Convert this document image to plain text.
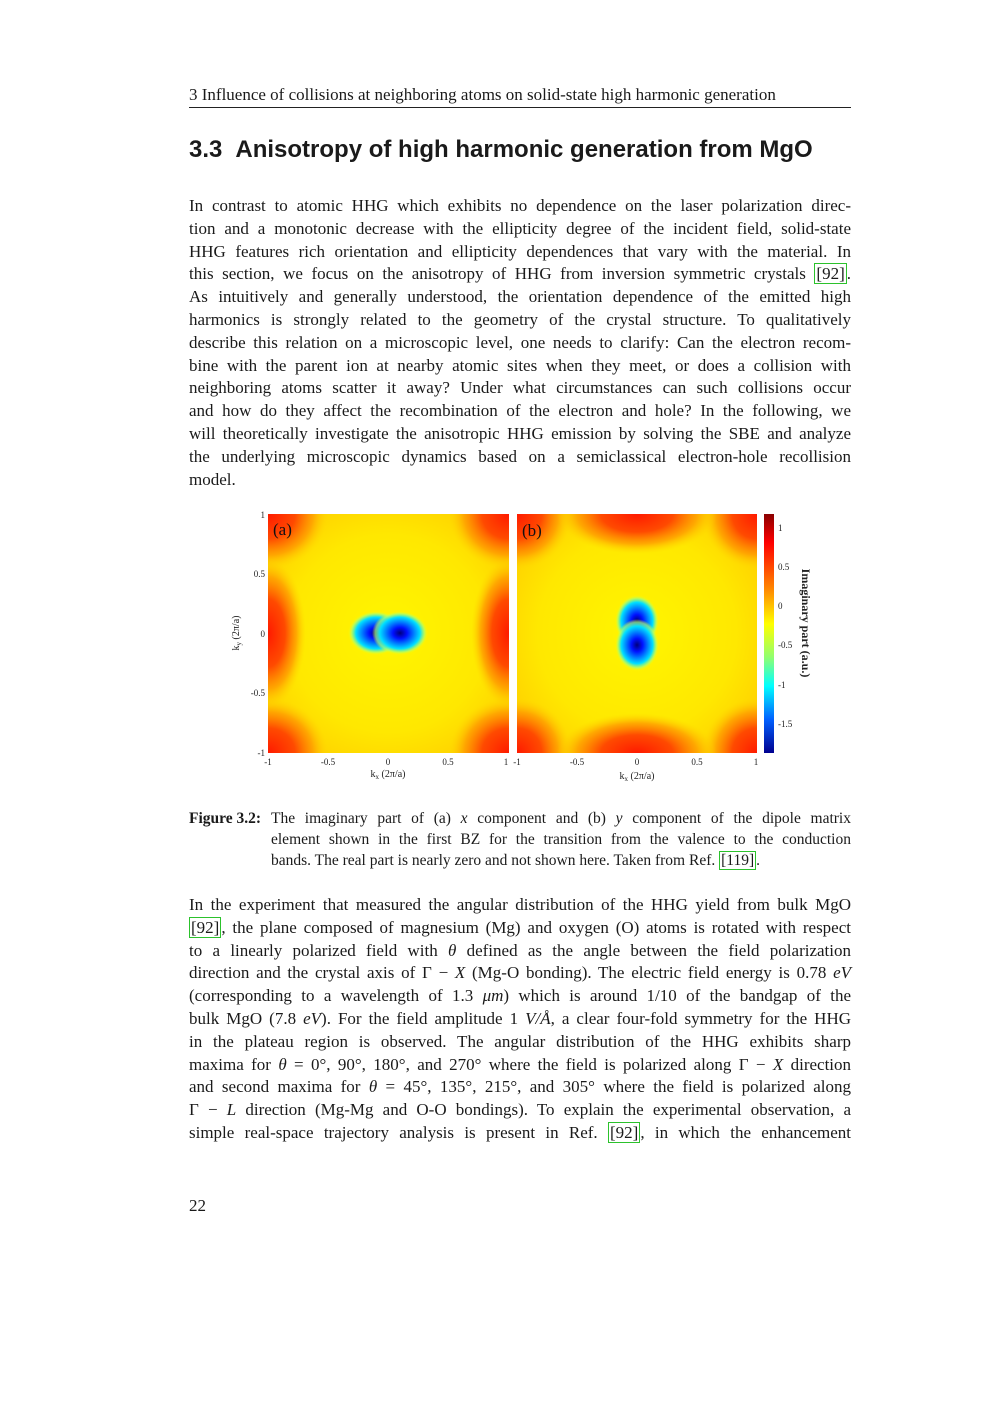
3 Influence of collisions at neighboring atoms on solid-state high harmonic generation
3.3 Anisotropy of high harmonic generation from MgO
In contrast to atomic HHG which exhibits no dependence on the laser polarization direc-
tion and a monotonic decrease with the ellipticity degree of the incident field, solid-state
HHG features rich orientation and ellipticity dependences that vary with the material. In
this section, we focus on the anisotropy of HHG from inversion symmetric crystals [92] .
As intuitively and generally understood, the orientation dependence of the emitted high
harmonics is strongly related to the geometry of the crystal structure. To qualitatively
describe this relation on a microscopic level, one needs to clarify: Can the electron recom-
bine with the parent ion at nearby atomic sites when they meet, or does a collision with
neighboring atoms scatter it away? Under what circumstances can such collisions occur
and how do they affect the recombination of the electron and hole? In the following, we
will theoretically investigate the anisotropic HHG emission by solving the SBE and analyze
the underlying microscopic dynamics based on a semiclassical electron-hole recollision
model.
(a)	(b)
1
0.5
0
-0.5
-1
$k_y$ (2π/a)
-1	-0.5	0	0.5	1 -1	-0.5	0	0.5	1
$k_x$ (2π/a)	$k_x$ (2π/a)
1
0.5
0
-0.5
-1
-1.5
Imaginary part (a.u.)
Figure 3.2: The imaginary part of (a) x component and (b) y component of the dipole matrix
element shown in the first BZ for the transition from the valence to the conduction
bands. The real part is nearly zero and not shown here. Taken from Ref. [119] .
In the experiment that measured the angular distribution of the HHG yield from bulk MgO
[92] , the plane composed of magnesium (Mg) and oxygen (O) atoms is rotated with respect
to a linearly polarized field with θ defined as the angle between the field polarization
direction and the crystal axis of Γ − X (Mg-O bonding). The electric field energy is 0.78 eV
(corresponding to a wavelength of 1.3 μm) which is around 1/10 of the bandgap of the
bulk MgO (7.8 eV). For the field amplitude 1 V/Å, a clear four-fold symmetry for the HHG
in the plateau region is observed. The angular distribution of the HHG exhibits sharp
maxima for θ = 0°, 90°, 180°, and 270° where the field is polarized along Γ − X direction
and second maxima for θ = 45°, 135°, 215°, and 305° where the field is polarized along
Γ − L direction (Mg-Mg and O-O bondings). To explain the experimental observation, a
simple real-space trajectory analysis is present in Ref. [92] , in which the enhancement
22
